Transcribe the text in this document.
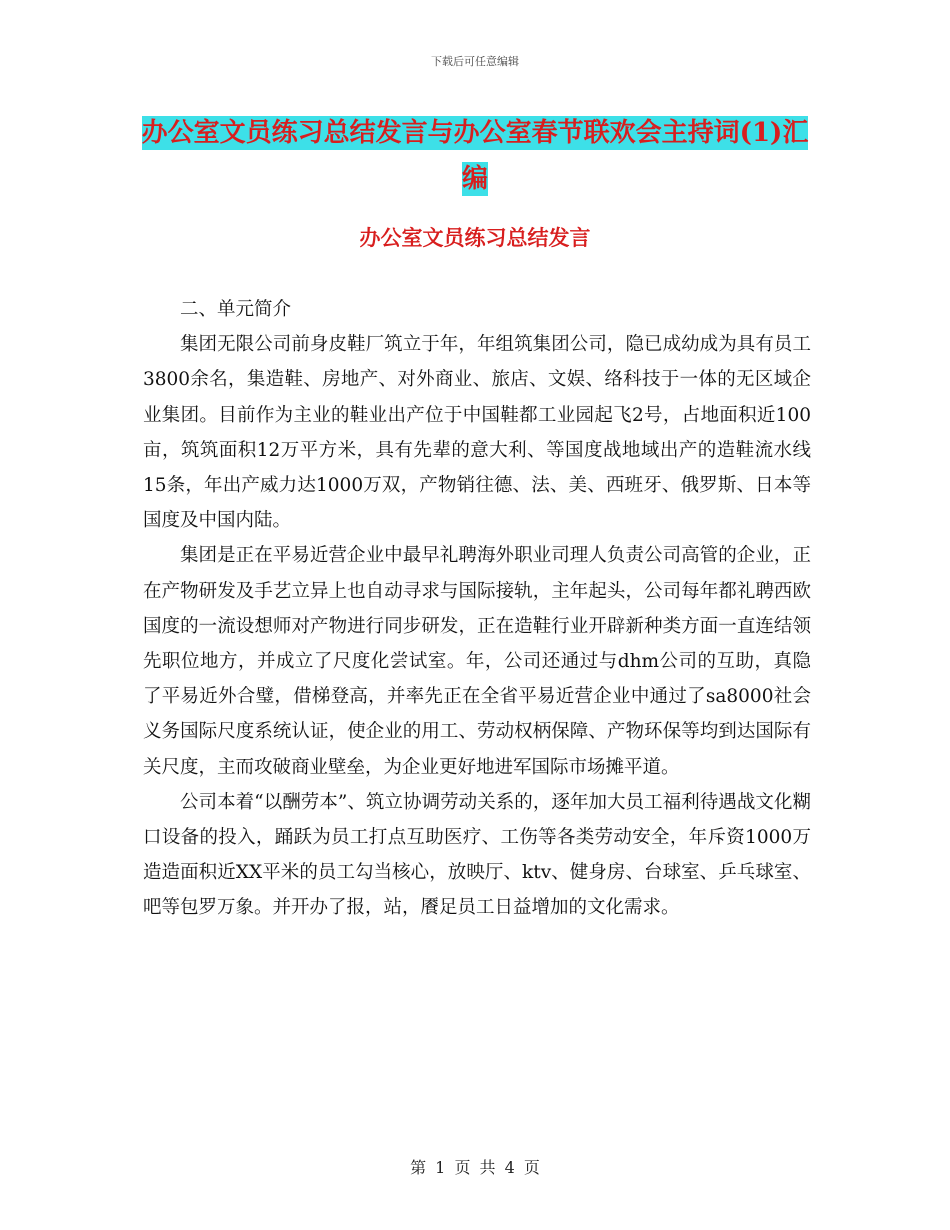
下载后可任意编辑
办公室文员练习总结发言与办公室春节联欢会主持词(1)汇编
办公室文员练习总结发言

二、单元简介

集团无限公司前身皮鞋厂筑立于年，年组筑集团公司，隐已成幼成为具有员工3800余名，集造鞋、房地产、对外商业、旅店、文娱、络科技于一体的无区域企业集团。目前作为主业的鞋业出产位于中国鞋都工业园起飞2号，占地面积近100亩，筑筑面积12万平方米，具有先辈的意大利、等国度战地域出产的造鞋流水线15条，年出产威力达1000万双，产物销往德、法、美、西班牙、俄罗斯、日本等国度及中国内陆。

集团是正在平易近营企业中最早礼聘海外职业司理人负责公司高管的企业，正在产物研发及手艺立异上也自动寻求与国际接轨，主年起头，公司每年都礼聘西欧国度的一流设想师对产物进行同步研发，正在造鞋行业开辟新种类方面一直连结领先职位地方，并成立了尺度化尝试室。年，公司还通过与dhm公司的互助，真隐了平易近外合璧，借梯登高，并率先正在全省平易近营企业中通过了sa8000社会义务国际尺度系统认证，使企业的用工、劳动权柄保障、产物环保等均到达国际有关尺度，主而攻破商业壁垒，为企业更好地进军国际市场摊平道。

公司本着“以酬劳本”、筑立协调劳动关系的，逐年加大员工福利待遇战文化糊口设备的投入，踊跃为员工打点互助医疗、工伤等各类劳动安全，年斥资1000万造造面积近XX平米的员工勾当核心，放映厅、ktv、健身房、台球室、乒乓球室、吧等包罗万象。并开办了报，站，餍足员工日益增加的文化需求。

第 1 页 共 4 页
